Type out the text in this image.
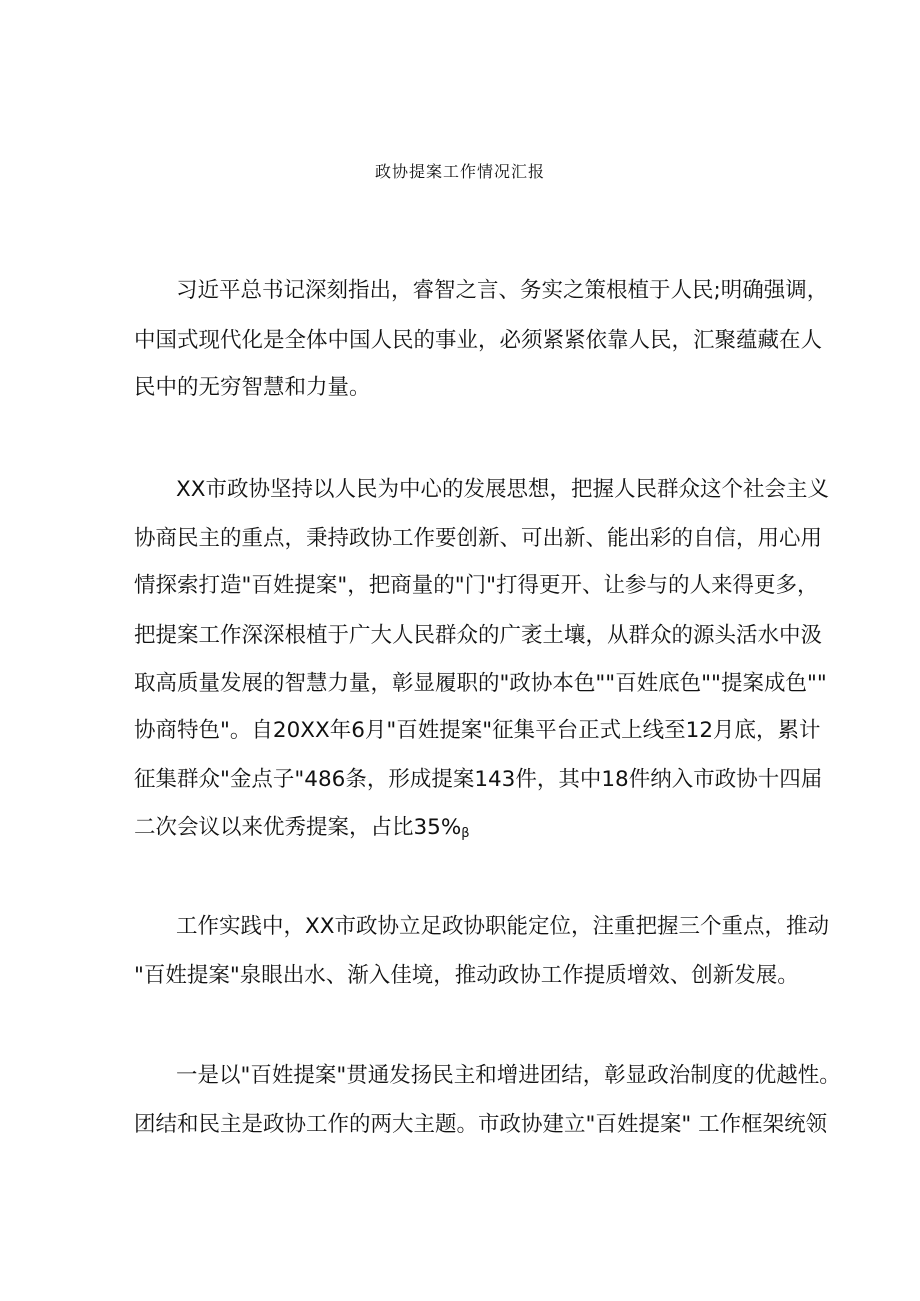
政协提案工作情况汇报
习近平总书记深刻指出，睿智之言、务实之策根植于人民;明确强调，
中国式现代化是全体中国人民的事业，必须紧紧依靠人民，汇聚蕴藏在人
民中的无穷智慧和力量。
XX市政协坚持以人民为中心的发展思想，把握人民群众这个社会主义
协商民主的重点，秉持政协工作要创新、可出新、能出彩的自信，用心用
情探索打造"百姓提案"，把商量的"门"打得更开、让参与的人来得更多，
把提案工作深深根植于广大人民群众的广袤土壤，从群众的源头活水中汲
取高质量发展的智慧力量，彰显履职的"政协本色""百姓底色""提案成色""
协商特色"。自20XX年6月"百姓提案"征集平台正式上线至12月底，累计
征集群众"金点子"486条，形成提案143件，其中18件纳入市政协十四届
二次会议以来优秀提案，占比$35\%_\beta$
工作实践中，XX市政协立足政协职能定位，注重把握三个重点，推动
"百姓提案"泉眼出水、渐入佳境，推动政协工作提质增效、创新发展。
一是以"百姓提案"贯通发扬民主和增进团结，彰显政治制度的优越性。
团结和民主是政协工作的两大主题。市政协建立"百姓提案" 工作框架统领
